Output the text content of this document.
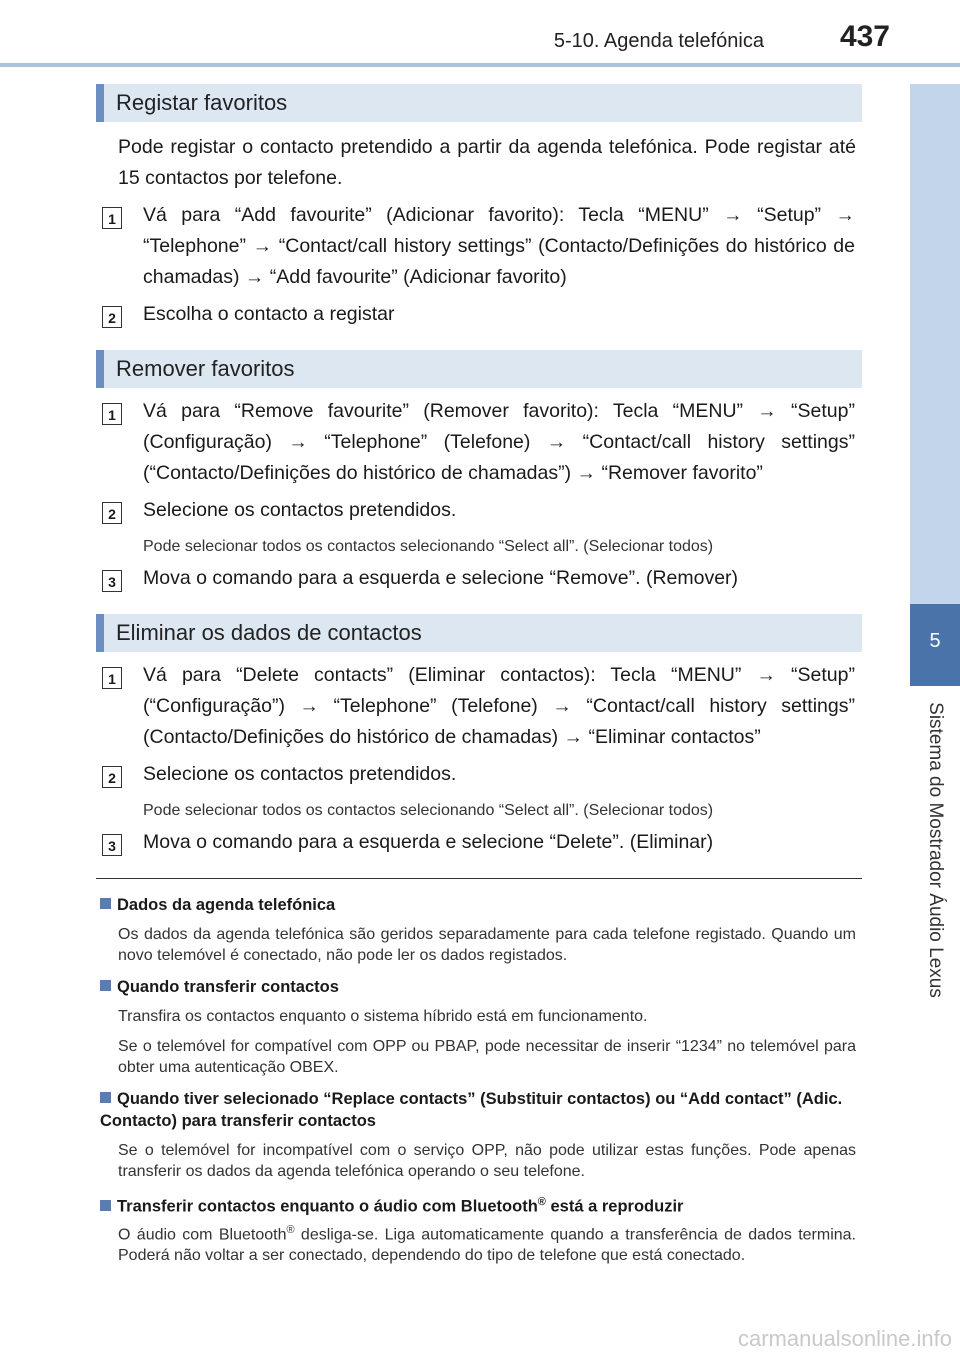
5-10. Agenda telefónica	437
5
Sistema do Mostrador Áudio Lexus
Registar favoritos
Pode registar o contacto pretendido a partir da agenda telefónica. Pode registar até 15 contactos por telefone.
1	Vá para “Add favourite” (Adicionar favorito): Tecla “MENU” → “Setup” → “Telephone” → “Contact/call history settings” (Contacto/Definições do histórico de chamadas) → “Add favourite” (Adicionar favorito)
2	Escolha o contacto a registar
Remover favoritos
1	Vá para “Remove favourite” (Remover favorito): Tecla “MENU” → “Setup” (Configuração) → “Telephone” (Telefone) → “Contact/call history settings” (“Contacto/Definições do histórico de chamadas”) → “Remover favorito”
2	Selecione os contactos pretendidos.
Pode selecionar todos os contactos selecionando “Select all”. (Selecionar todos)
3	Mova o comando para a esquerda e selecione “Remove”. (Remover)
Eliminar os dados de contactos
1	Vá para “Delete contacts” (Eliminar contactos): Tecla “MENU” → “Setup” (“Configuração”) → “Telephone” (Telefone) → “Contact/call history settings” (Contacto/Definições do histórico de chamadas) → “Eliminar contactos”
2	Selecione os contactos pretendidos.
Pode selecionar todos os contactos selecionando “Select all”. (Selecionar todos)
3	Mova o comando para a esquerda e selecione “Delete”. (Eliminar)
Dados da agenda telefónica
Os dados da agenda telefónica são geridos separadamente para cada telefone registado. Quando um novo telemóvel é conectado, não pode ler os dados registados.
Quando transferir contactos
Transfira os contactos enquanto o sistema híbrido está em funcionamento.
Se o telemóvel for compatível com OPP ou PBAP, pode necessitar de inserir “1234” no telemóvel para obter uma autenticação OBEX.
Quando tiver selecionado “Replace contacts” (Substituir contactos) ou “Add contact” (Adic. Contacto) para transferir contactos
Se o telemóvel for incompatível com o serviço OPP, não pode utilizar estas funções. Pode apenas transferir os dados da agenda telefónica operando o seu telefone.
Transferir contactos enquanto o áudio com Bluetooth® está a reproduzir
O áudio com Bluetooth® desliga-se. Liga automaticamente quando a transferência de dados termina. Poderá não voltar a ser conectado, dependendo do tipo de telefone que está conectado.
carmanualsonline.info
